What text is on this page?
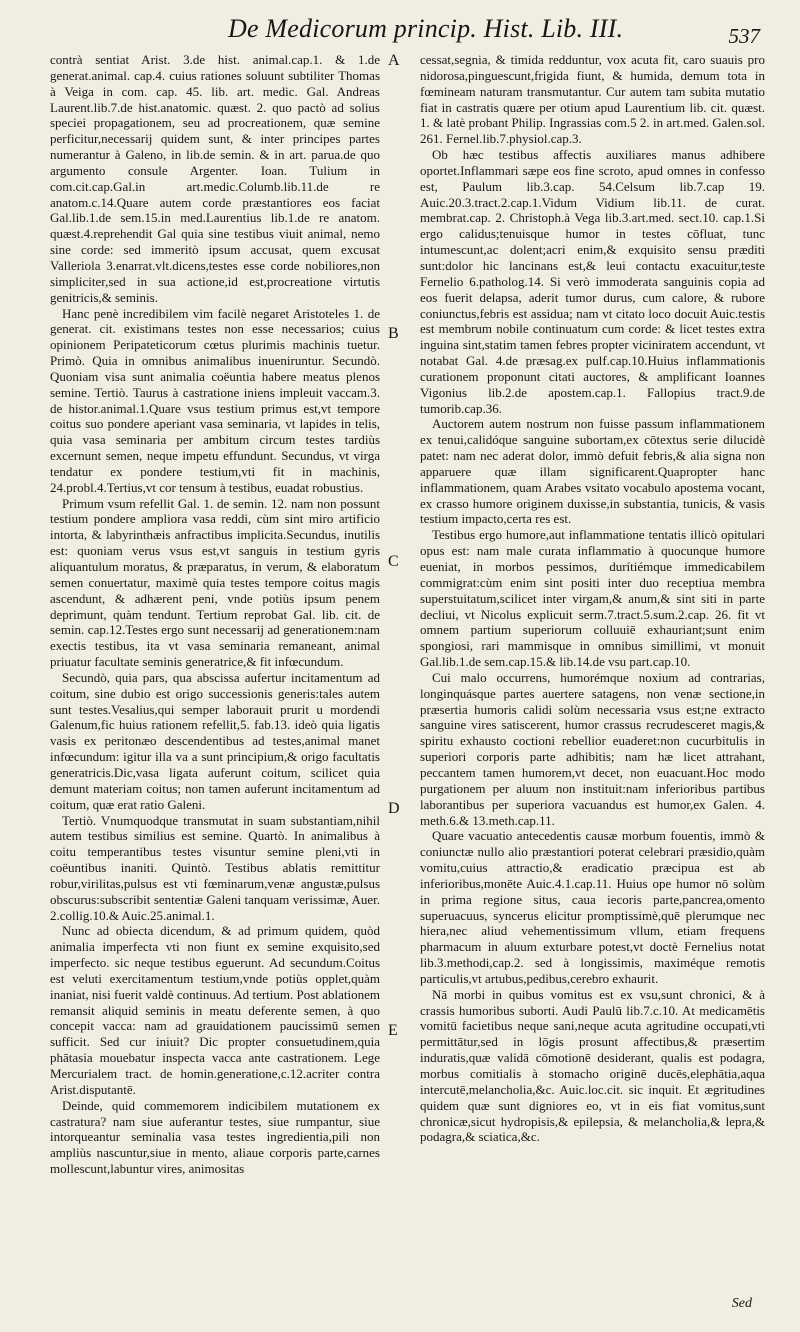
De Medicorum princip. Hist. Lib. III.	537

contrà sentiat Arist. 3.de hist. animal.cap.1. & 1.de generat.animal. cap.4. cuius rationes soluunt subtiliter Thomas à Veiga in com. cap. 45. lib. art. medic. Gal. Andreas Laurent.lib.7.de hist.anatomic. quæst. 2. quo pactò ad solius speciei propagationem, seu ad procreationem, quæ semine perficitur,necessarij quidem sunt, & inter principes partes numerantur à Galeno, in lib.de semin. & in art. parua.de quo argumento consule Argenter. Ioan. Tulium in com.cit.cap.Gal.in art.medic.Columb.lib.11.de re anatom.c.14.Quare autem corde præstantiores eos faciat Gal.lib.1.de sem.15.in med.Laurentius lib.1.de re anatom. quæst.4.reprehendit Gal quia sine testibus viuit animal, nemo sine corde: sed immeritò ipsum accusat, quem excusat Valleriola 3.enarrat.vlt.dicens,testes esse corde nobiliores,non simpliciter,sed in sua actione,id est,procreatione virtutis genitricis,& seminis.

Hanc penè incredibilem vim facilè negaret Aristoteles 1. de generat. cit. existimans testes non esse necessarios; cuius opinionem Peripateticorum cœtus plurimis machinis tuetur. Primò. Quia in omnibus animalibus inueniruntur. Secundò. Quoniam visa sunt animalia coëuntia habere meatus plenos semine. Tertiò. Taurus à castratione iniens impleuit vaccam.3. de histor.animal.1.Quare vsus testium primus est,vt tempore coitus suo pondere aperiant vasa seminaria, vt lapides in telis, quia vasa seminaria per ambitum circum testes tardiùs excernunt semen, neque impetu effundunt. Secundus, vt virga tendatur ex pondere testium,vti fit in machinis, 24.probl.4.Tertius,vt cor tensum à testibus, euadat robustius.

Primum vsum refellit Gal. 1. de semin. 12. nam non possunt testium pondere ampliora vasa reddi, cùm sint miro artificio intorta, & labyrinthæis anfractibus implicita.Secundus, inutilis est: quoniam verus vsus est,vt sanguis in testium gyris aliquantulum moratus, & præparatus, in verum, & elaboratum semen conuertatur, maximè quia testes tempore coitus magis ascendunt, & adhærent peni, vnde potiùs ipsum penem deprimunt, quàm tendunt. Tertium reprobat Gal. lib. cit. de semin. cap.12.Testes ergo sunt necessarij ad generationem:nam exectis testibus, ita vt vasa seminaria remaneant, animal priuatur facultate seminis generatrice,& fit infœcundum.

Secundò, quia pars, qua abscissa aufertur incitamentum ad coitum, sine dubio est origo successionis generis:tales autem sunt testes.Vesalius,qui semper laborauit prurit u mordendi Galenum,fic huius rationem refellit,5. fab.13. ideò quia ligatis vasis ex peritonæo descendentibus ad testes,animal manet infœcundum: igitur illa va a sunt principium,& origo facultatis generatricis.Dic,vasa ligata auferunt coitum, scilicet quia demunt materiam coitus; non tamen auferunt incitamentum ad coitum, quæ erat ratio Galeni.

Tertiò. Vnumquodque transmutat in suam substantiam,nihil autem testibus similius est semine. Quartò. In animalibus à coitu temperantibus testes visuntur semine pleni,vti in coëuntibus inaniti. Quintò. Testibus ablatis remittitur robur,virilitas,pulsus est vti fœminarum,venæ angustæ,pulsus obscurus:subscribit sententiæ Galeni tanquam verissimæ, Auer. 2.collig.10.& Auic.25.animal.1.

Nunc ad obiecta dicendum, & ad primum quidem, quòd animalia imperfecta vti non fiunt ex semine exquisito,sed imperfecto. sic neque testibus eguerunt. Ad secundum.Coitus est veluti exercitamentum testium,vnde potiùs opplet,quàm inaniat, nisi fuerit valdè continuus. Ad tertium. Post ablationem remansit aliquid seminis in meatu deferente semen, à quo concepit vacca: nam ad grauidationem paucissimū semen sufficit. Sed cur iniuit? Dic propter consuetudinem,quia phātasia mouebatur inspecta vacca ante castrationem. Lege Mercurialem tract. de homin.generatione,c.12.acriter contra Arist.disputantē.

Deinde, quid commemorem indicibilem mutationem ex castratura? nam siue auferantur testes, siue rumpantur, siue intorqueantur seminalia vasa testes ingredientia,pili non ampliùs nascuntur,siue in mento, aliaue corporis parte,carnes mollescunt,labuntur vires, animositas

A
B
C
D
E

cessat,segnia, & timida redduntur, vox acuta fit, caro suauis pro nidorosa,pinguescunt,frigida fiunt, & humida, demum tota in fœmineam naturam transmutantur. Cur autem tam subita mutatio fiat in castratis quære per otium apud Laurentium lib. cit. quæst. 1. & latè probant Philip. Ingrassias com.5 2. in art.med. Galen.sol. 261. Fernel.lib.7.physiol.cap.3.

Ob hæc testibus affectis auxiliares manus adhibere oportet.Inflammari sæpe eos fine scroto, apud omnes in confesso est, Paulum lib.3.cap. 54.Celsum lib.7.cap 19. Auic.20.3.tract.2.cap.1.Vidum Vidium lib.11. de curat. membrat.cap. 2. Christoph.à Vega lib.3.art.med. sect.10. cap.1.Si ergo calidus;tenuisque humor in testes cōfluat, tunc intumescunt,ac dolent;acri enim,& exquisito sensu præditi sunt:dolor hic lancinans est,& leui contactu exacuitur,teste Fernelio 6.patholog.14. Si verò immoderata sanguinis copia ad eos fuerit delapsa, aderit tumor durus, cum calore, & rubore coniunctus,febris est assidua; nam vt citato loco docuit Auic.testis est membrum nobile continuatum cum corde: & licet testes extra inguina sint,statim tamen febres propter viciniratem accendunt, vt notabat Gal. 4.de præsag.ex pulf.cap.10.Huius inflammationis curationem proponunt citati auctores, & amplificant Ioannes Vigonius lib.2.de apostem.cap.1. Fallopius tract.9.de tumorib.cap.36.

Auctorem autem nostrum non fuisse passum inflammationem ex tenui,calidóque sanguine subortam,ex cōtextus serie dilucidè patet: nam nec aderat dolor, immò defuit febris,& alia signa non apparuere quæ illam significarent.Quapropter hanc inflammationem, quam Arabes vsitato vocabulo apostema vocant, ex crasso humore originem duxisse,in substantia, tunicis, & vasis testium impacto,certa res est.

Testibus ergo humore,aut inflammatione tentatis illicò opitulari opus est: nam male curata inflammatio à quocunque humore eueniat, in morbos pessimos, durítiémque immedicabilem commigrat:cùm enim sint positi inter duo receptiua membra superstuitatum,scilicet inter virgam,& anum,& sint siti in parte decliui, vt Nicolus explicuit serm.7.tract.5.sum.2.cap. 26. fit vt omnem partium superiorum colluuiē exhauriant;sunt enim spongiosi, rari mammisque in omnibus simillimi, vt monuit Gal.lib.1.de sem.cap.15.& lib.14.de vsu part.cap.10.

Cui malo occurrens, humorémque noxium ad contrarias, longinquásque partes auertere satagens, non venæ sectione,in præsertia humoris calidi solùm necessaria vsus est;ne extracto sanguine vires satiscerent, humor crassus recrudesceret magis,& spiritu exhausto coctioni rebellior euaderet:non cucurbitulis in superiori corporis parte adhibitis; nam hæ licet attrahant, peccantem tamen humorem,vt decet, non euacuant.Hoc modo purgationem per aluum non instituit:nam inferioribus partibus laborantibus per superiora vacuandus est humor,ex Galen. 4. meth.6.& 13.meth.cap.11.

Quare vacuatio antecedentis causæ morbum fouentis, immò & coniunctæ nullo alio præstantiori poterat celebrari præsidio,quàm vomitu,cuius attractio,& eradicatio præcipua est ab inferioribus,monēte Auic.4.1.cap.11. Huius ope humor nō solùm in prima regione situs, caua iecoris parte,pancrea,omento superuacuus, syncerus elicitur promptissimè,quē plerumque nec hiera,nec aliud vehementissimum vllum, etiam frequens pharmacum in aluum exturbare potest,vt doctè Fernelius notat lib.3.methodi,cap.2. sed à longissimis, maximéque remotis particulis,vt artubus,pedibus,cerebro exhaurit.

Nā morbi in quibus vomitus est ex vsu,sunt chronici, & à crassis humoribus suborti. Audi Paulū lib.7.c.10. At medicamētis vomitū facietibus neque sani,neque acuta agritudine occupati,vti permittātur,sed in lōgis prosunt affectibus,& præsertim induratis,quæ validā cōmotionē desiderant, qualis est podagra, morbus comitialis à stomacho originē ducēs,elephātia,aqua intercutē,melancholia,&c. Auic.loc.cit. sic inquit. Et ægritudines quidem quæ sunt digniores eo, vt in eis fiat vomitus,sunt chronicæ,sicut hydropisis,& epilepsia, & melancholia,& lepra,& podagra,& sciatica,&c.

Sed
